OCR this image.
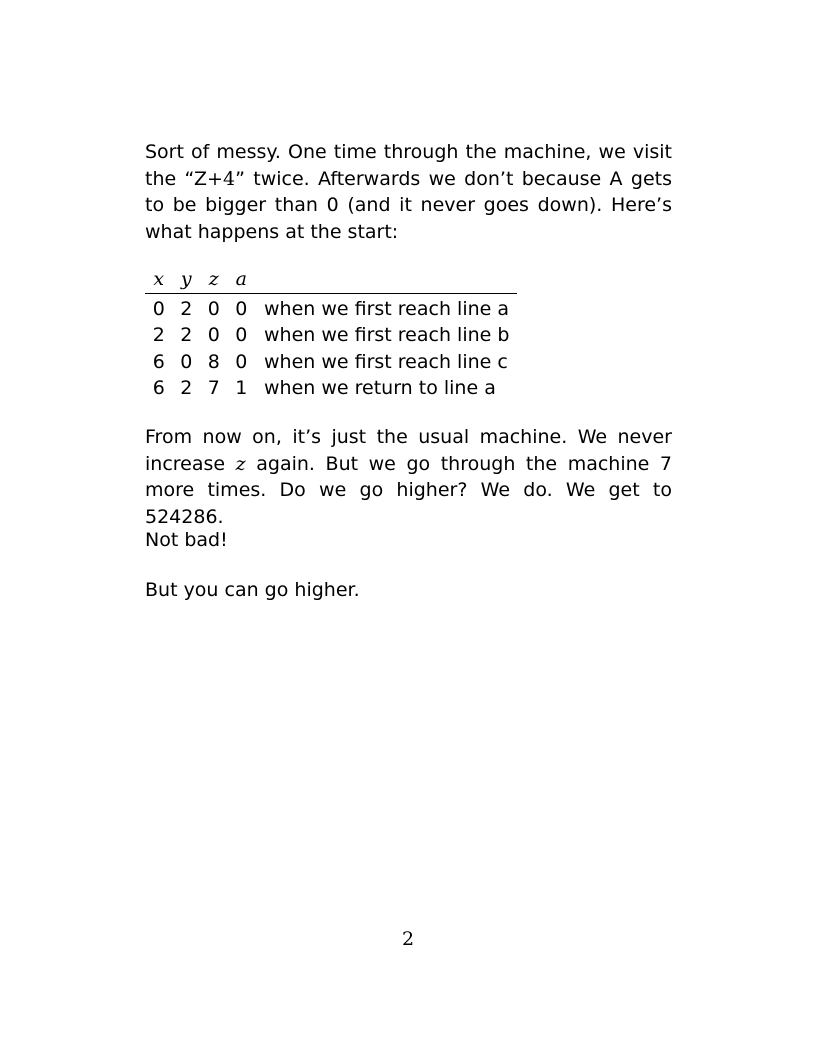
Sort of messy. One time through the machine, we visit the “Z+4” twice. Afterwards we don’t because A gets to be bigger than 0 (and it never goes down). Here’s what happens at the start:

x	y	z	a	
0	2	0	0	when we first reach line a
2	2	0	0	when we first reach line b
6	0	8	0	when we first reach line c
6	2	7	1	when we return to line a

From now on, it’s just the usual machine. We never increase z again. But we go through the machine 7 more times. Do we go higher? We do. We get to 524286.

Not bad!

But you can go higher.

2
